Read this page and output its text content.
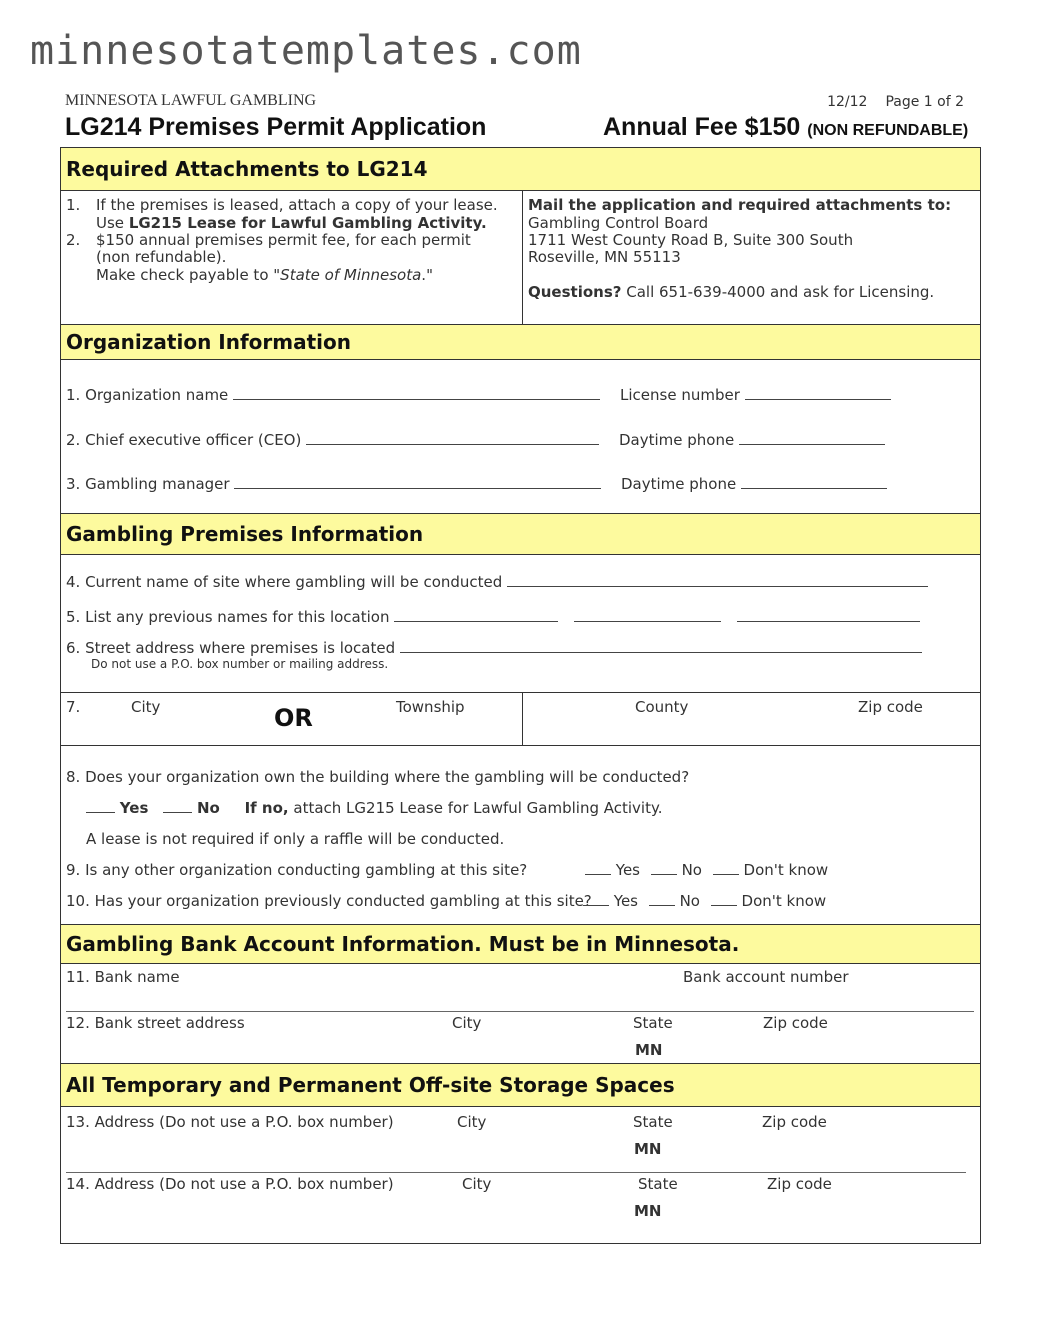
minnesotatemplates.com
MINNESOTA LAWFUL GAMBLING	12/12 Page 1 of 2
LG214 Premises Permit Application	Annual Fee $150 (NON REFUNDABLE)
Required Attachments to LG214
1. If the premises is leased, attach a copy of your lease.
Use LG215 Lease for Lawful Gambling Activity.
2. $150 annual premises permit fee, for each permit
(non refundable).
Make check payable to "State of Minnesota."
Mail the application and required attachments to:
Gambling Control Board
1711 West County Road B, Suite 300 South
Roseville, MN 55113
Questions? Call 651-639-4000 and ask for Licensing.
Organization Information
1. Organization name	License number
2. Chief executive officer (CEO)	Daytime phone
3. Gambling manager	Daytime phone
Gambling Premises Information
4. Current name of site where gambling will be conducted
5. List any previous names for this location
6. Street address where premises is located
Do not use a P.O. box number or mailing address.
7.	City	OR	Township	County	Zip code
8. Does your organization own the building where the gambling will be conducted?
Yes	No If no, attach LG215 Lease for Lawful Gambling Activity.
A lease is not required if only a raffle will be conducted.
9. Is any other organization conducting gambling at this site?	Yes	No	Don't know
10. Has your organization previously conducted gambling at this site?	Yes	No	Don't know
Gambling Bank Account Information. Must be in Minnesota.
11. Bank name	Bank account number
12. Bank street address	City	State	Zip code
MN
All Temporary and Permanent Off-site Storage Spaces
13. Address (Do not use a P.O. box number)	City	State	Zip code
MN
14. Address (Do not use a P.O. box number)	City	State	Zip code
MN
